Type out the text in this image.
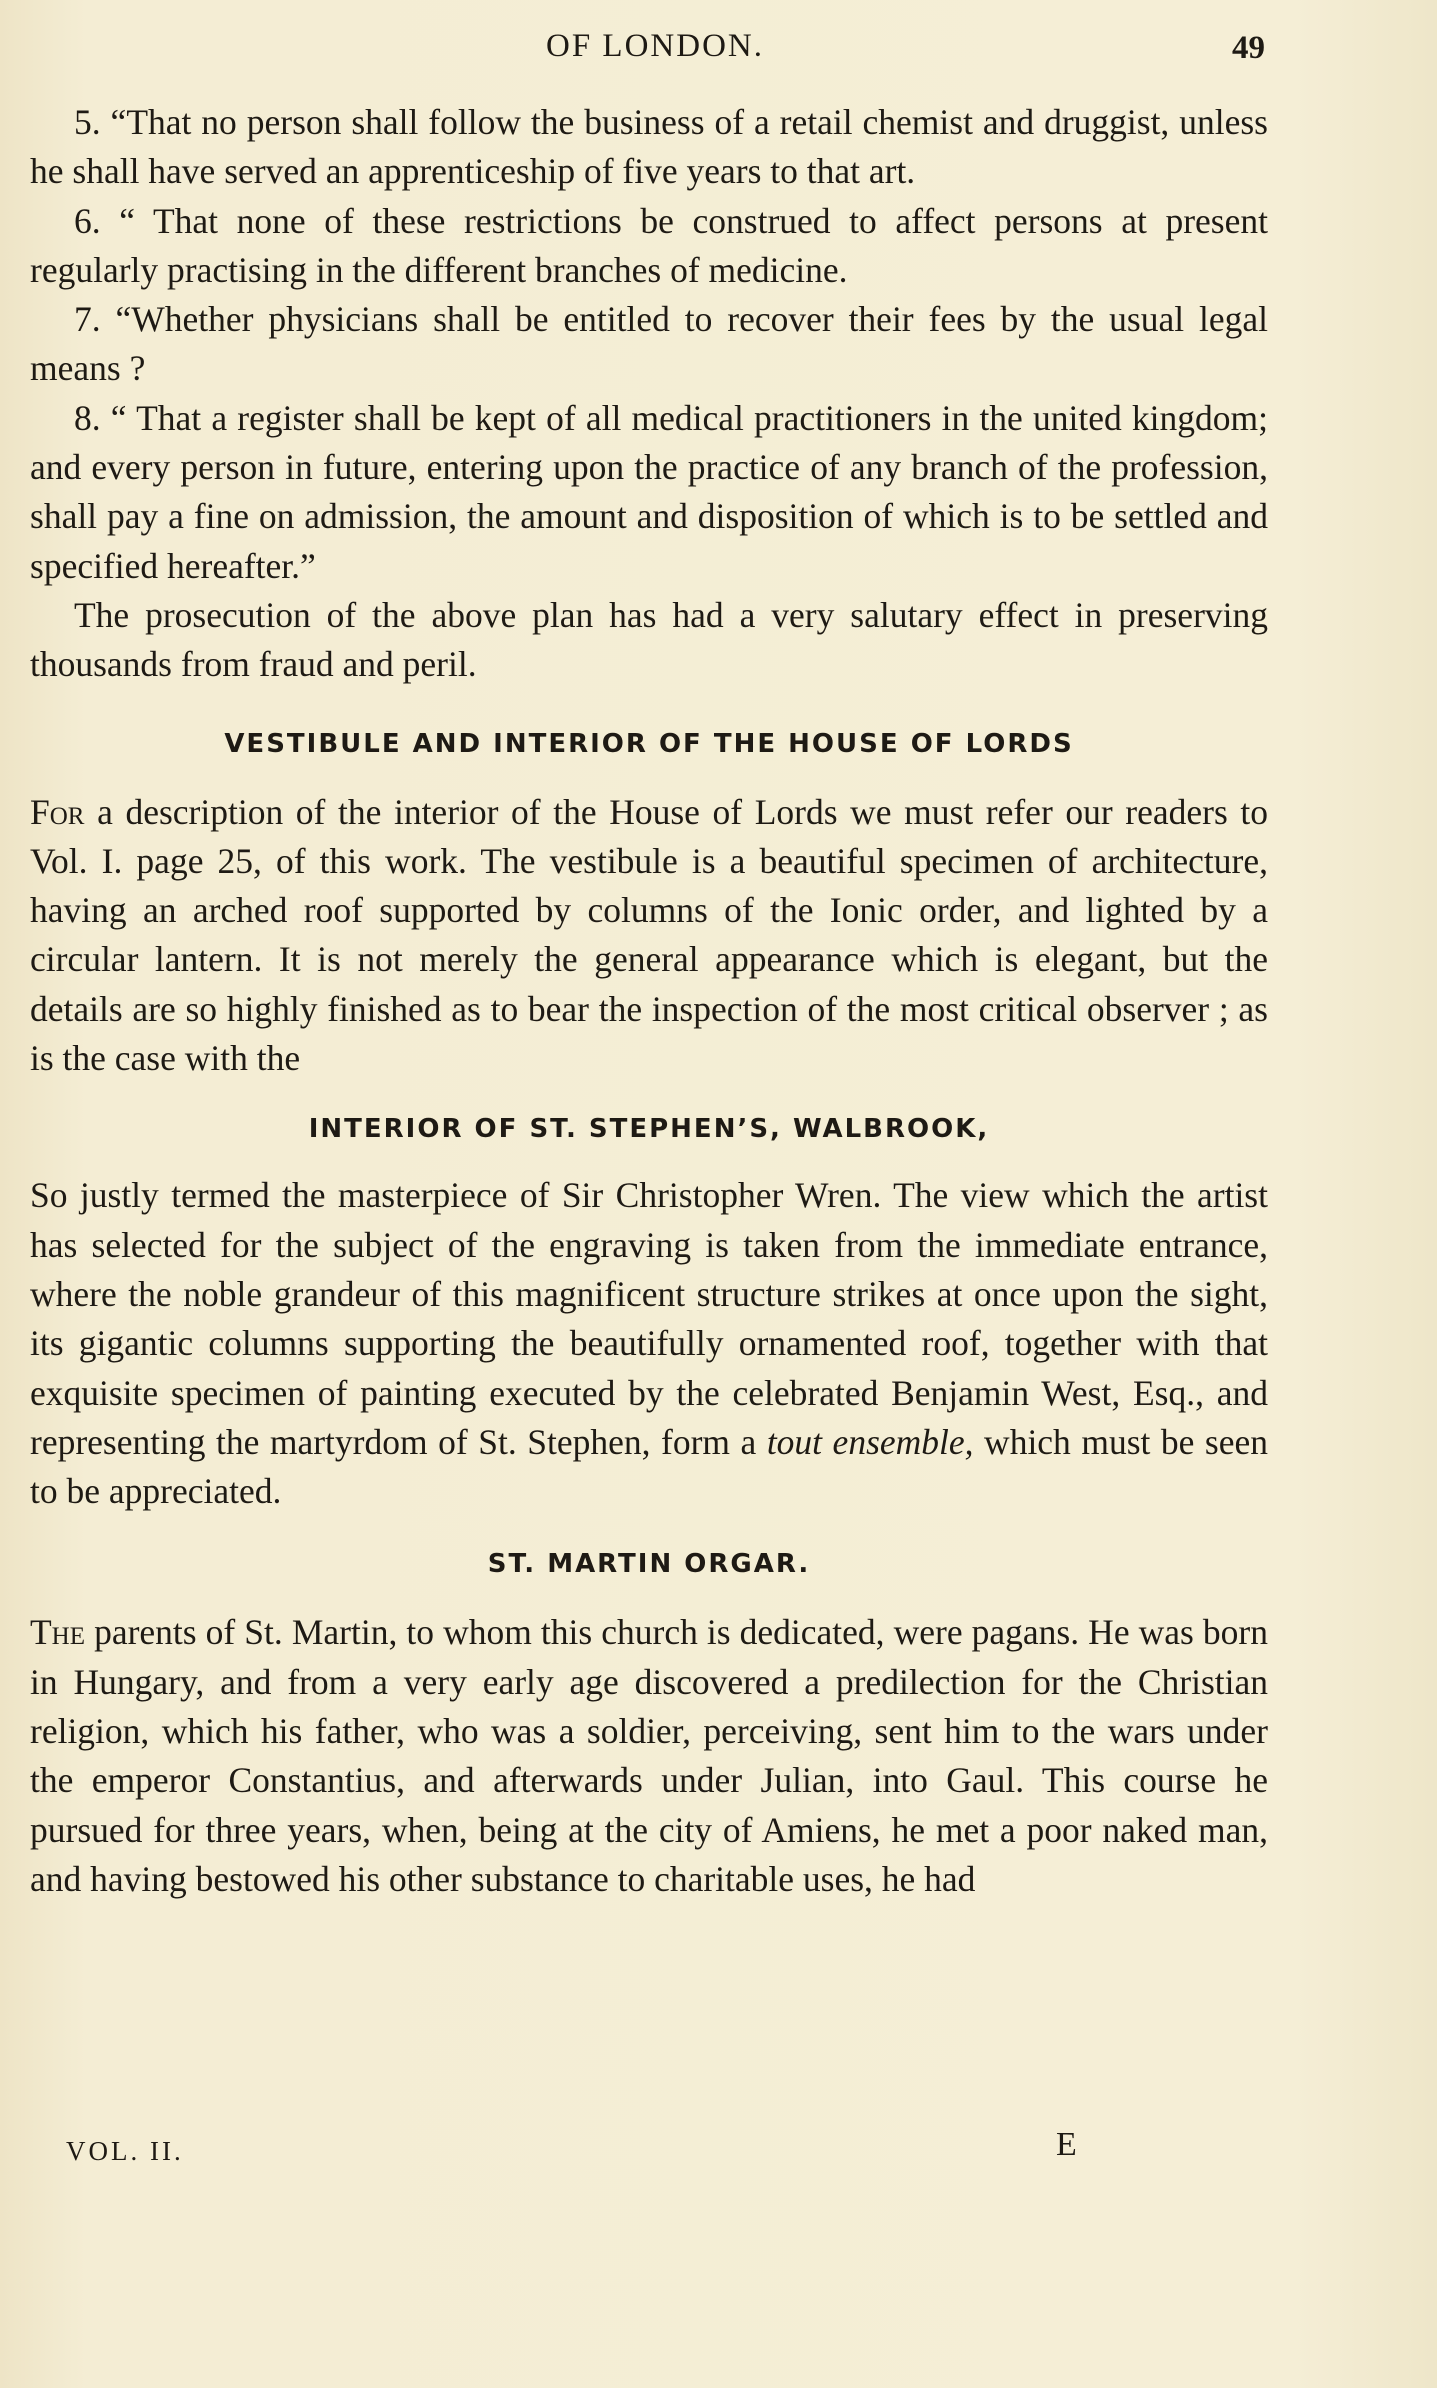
OF LONDON.	49

5. “That no person shall follow the business of a retail chemist and druggist, unless he shall have served an apprenticeship of five years to that art.

6. “ That none of these restrictions be construed to affect persons at present regularly practising in the different branches of medicine.

7. “Whether physicians shall be entitled to recover their fees by the usual legal means ?

8. “ That a register shall be kept of all medical practitioners in the united kingdom; and every person in future, entering upon the practice of any branch of the profession, shall pay a fine on admission, the amount and disposition of which is to be settled and specified hereafter.”

The prosecution of the above plan has had a very salutary effect in preserving thousands from fraud and peril.

VESTIBULE AND INTERIOR OF THE HOUSE OF LORDS

For a description of the interior of the House of Lords we must refer our readers to Vol. I. page 25, of this work. The vestibule is a beautiful specimen of architecture, having an arched roof supported by columns of the Ionic order, and lighted by a circular lantern. It is not merely the general appearance which is elegant, but the details are so highly finished as to bear the inspection of the most critical observer ; as is the case with the

INTERIOR OF ST. STEPHEN’S, WALBROOK,

So justly termed the masterpiece of Sir Christopher Wren. The view which the artist has selected for the subject of the engraving is taken from the immediate entrance, where the noble grandeur of this magnificent structure strikes at once upon the sight, its gigantic columns supporting the beautifully ornamented roof, together with that exquisite specimen of painting executed by the celebrated Benjamin West, Esq., and representing the martyrdom of St. Stephen, form a tout ensemble, which must be seen to be appreciated.

ST. MARTIN ORGAR.

The parents of St. Martin, to whom this church is dedicated, were pagans. He was born in Hungary, and from a very early age discovered a predilection for the Christian religion, which his father, who was a soldier, perceiving, sent him to the wars under the emperor Constantius, and afterwards under Julian, into Gaul. This course he pursued for three years, when, being at the city of Amiens, he met a poor naked man, and having bestowed his other substance to charitable uses, he had

VOL. II.	E
